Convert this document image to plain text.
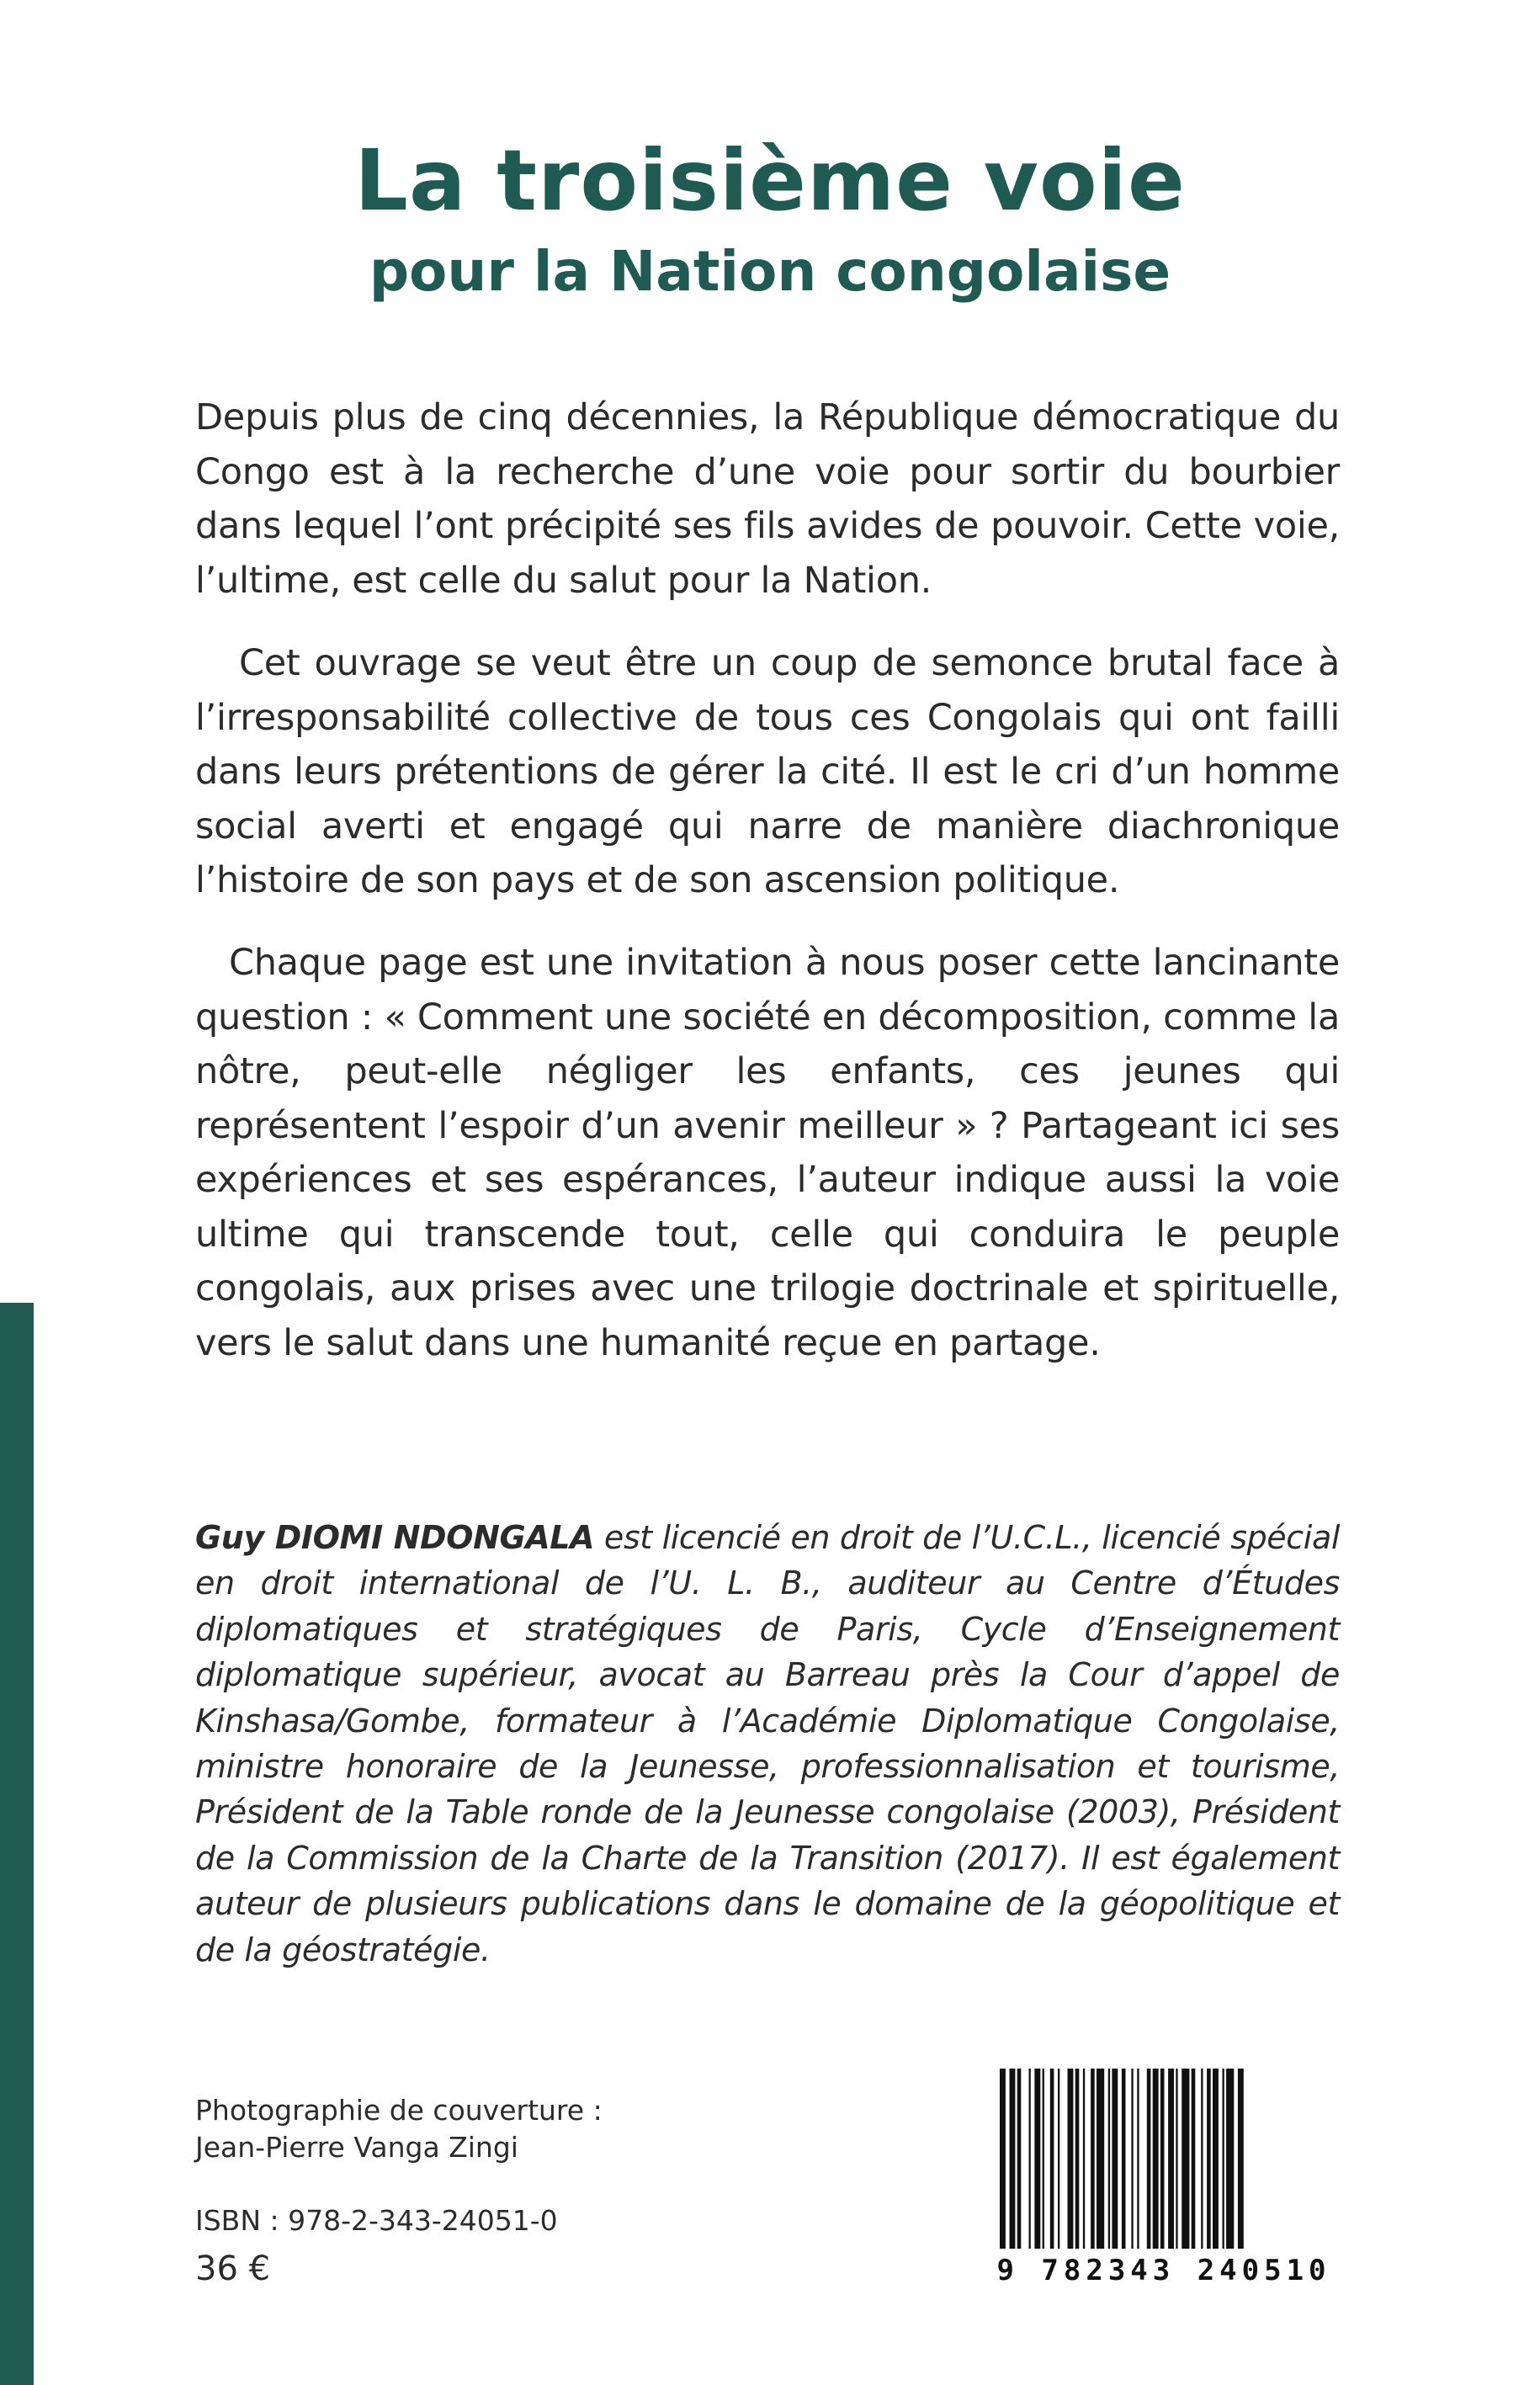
La troisième voie
pour la Nation congolaise

Depuis plus de cinq décennies, la République démocratique du Congo est à la recherche d’une voie pour sortir du bourbier dans lequel l’ont précipité ses fils avides de pouvoir. Cette voie, l’ultime, est celle du salut pour la Nation.

Cet ouvrage se veut être un coup de semonce brutal face à l’irresponsabilité collective de tous ces Congolais qui ont failli dans leurs prétentions de gérer la cité. Il est le cri d’un homme social averti et engagé qui narre de manière diachronique l’histoire de son pays et de son ascension politique.

Chaque page est une invitation à nous poser cette lancinante question : « Comment une société en décomposition, comme la nôtre, peut-elle négliger les enfants, ces jeunes qui représentent l’espoir d’un avenir meilleur » ? Partageant ici ses expériences et ses espérances, l’auteur indique aussi la voie ultime qui transcende tout, celle qui conduira le peuple congolais, aux prises avec une trilogie doctrinale et spirituelle, vers le salut dans une humanité reçue en partage.

Guy DIOMI NDONGALA est licencié en droit de l’U.C.L., licencié spécial en droit international de l’U. L. B., auditeur au Centre d’Études diplomatiques et stratégiques de Paris, Cycle d’Enseignement diplomatique supérieur, avocat au Barreau près la Cour d’appel de Kinshasa/Gombe, formateur à l’Académie Diplomatique Congolaise, ministre honoraire de la Jeunesse, professionnalisation et tourisme, Président de la Table ronde de la Jeunesse congolaise (2003), Président de la Commission de la Charte de la Transition (2017). Il est également auteur de plusieurs publications dans le domaine de la géopolitique et de la géostratégie.

Photographie de couverture :

Jean-Pierre Vanga Zingi

ISBN : 978-2-343-24051-0

36 €	9 782343 240510
